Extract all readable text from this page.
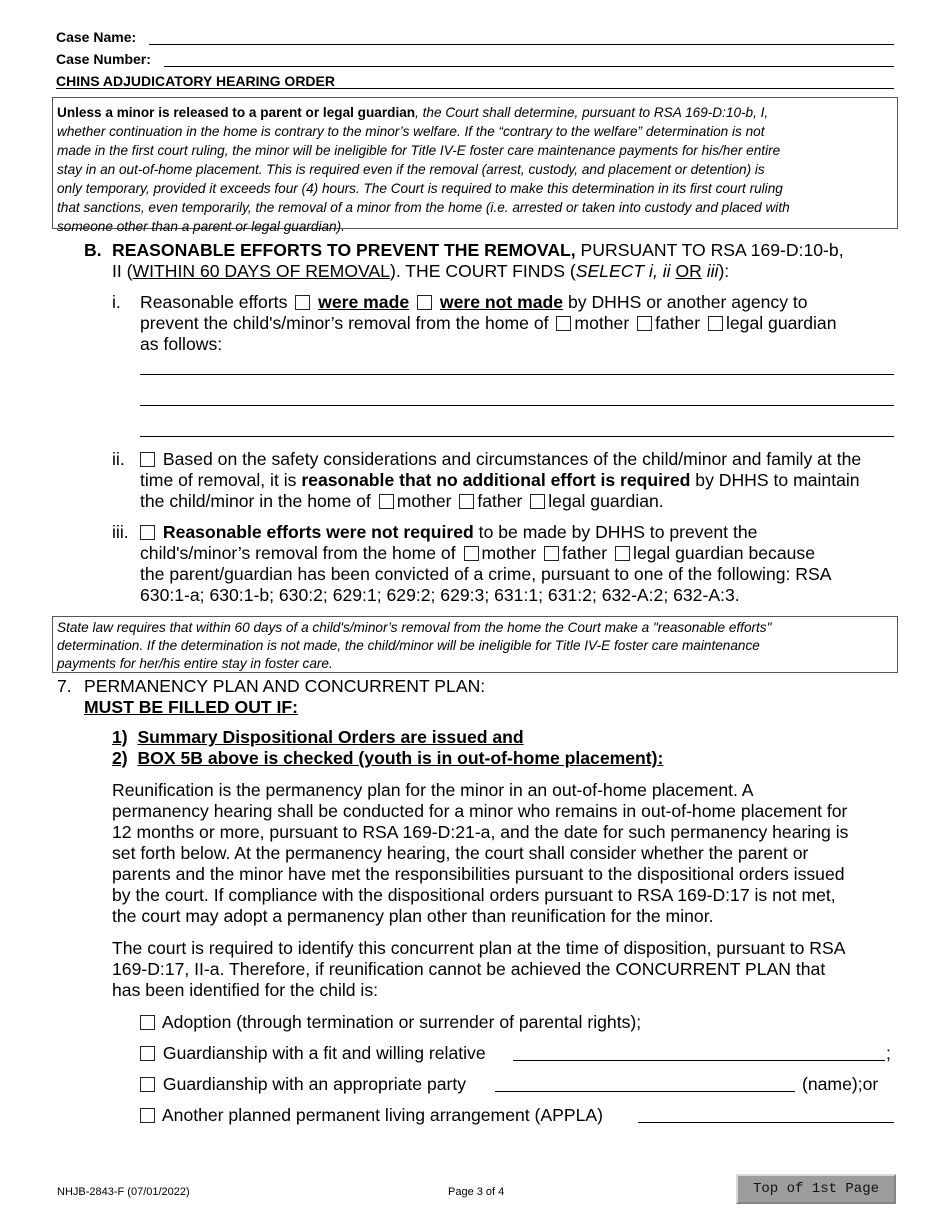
Case Name:
Case Number:
CHINS ADJUDICATORY HEARING ORDER
Unless a minor is released to a parent or legal guardian, the Court shall determine, pursuant to RSA 169-D:10-b, I,
whether continuation in the home is contrary to the minor’s welfare. If the “contrary to the welfare” determination is not
made in the first court ruling, the minor will be ineligible for Title IV-E foster care maintenance payments for his/her entire
stay in an out-of-home placement. This is required even if the removal (arrest, custody, and placement or detention) is
only temporary, provided it exceeds four (4) hours. The Court is required to make this determination in its first court ruling
that sanctions, even temporarily, the removal of a minor from the home (i.e. arrested or taken into custody and placed with
someone other than a parent or legal guardian).
B. REASONABLE EFFORTS TO PREVENT THE REMOVAL, PURSUANT TO RSA 169-D:10-b,
II (WITHIN 60 DAYS OF REMOVAL). THE COURT FINDS (SELECT i, ii OR iii):
i. Reasonable efforts were made were not made by DHHS or another agency to
prevent the child's/minor’s removal from the home of mother father legal guardian
as follows:
ii.	Based on the safety considerations and circumstances of the child/minor and family at the
time of removal, it is reasonable that no additional effort is required by DHHS to maintain
the child/minor in the home of mother father legal guardian.
iii.	Reasonable efforts were not required to be made by DHHS to prevent the
child's/minor’s removal from the home of mother father legal guardian because
the parent/guardian has been convicted of a crime, pursuant to one of the following: RSA
630:1-a; 630:1-b; 630:2; 629:1; 629:2; 629:3; 631:1; 631:2; 632-A:2; 632-A:3.
State law requires that within 60 days of a child's/minor’s removal from the home the Court make a "reasonable efforts"
determination. If the determination is not made, the child/minor will be ineligible for Title IV-E foster care maintenance
payments for her/his entire stay in foster care.
7. PERMANENCY PLAN AND CONCURRENT PLAN:
MUST BE FILLED OUT IF:
1) Summary Dispositional Orders are issued and
2) BOX 5B above is checked (youth is in out-of-home placement):
Reunification is the permanency plan for the minor in an out-of-home placement. A
permanency hearing shall be conducted for a minor who remains in out-of-home placement for
12 months or more, pursuant to RSA 169-D:21-a, and the date for such permanency hearing is
set forth below. At the permanency hearing, the court shall consider whether the parent or
parents and the minor have met the responsibilities pursuant to the dispositional orders issued
by the court. If compliance with the dispositional orders pursuant to RSA 169-D:17 is not met,
the court may adopt a permanency plan other than reunification for the minor.
The court is required to identify this concurrent plan at the time of disposition, pursuant to RSA
169-D:17, II-a. Therefore, if reunification cannot be achieved the CONCURRENT PLAN that
has been identified for the child is:
Adoption (through termination or surrender of parental rights);
Guardianship with a fit and willing relative	;
Guardianship with an appropriate party	(name);or
Another planned permanent living arrangement (APPLA)
NHJB-2843-F (07/01/2022)	Page 3 of 4	Top of 1st Page
